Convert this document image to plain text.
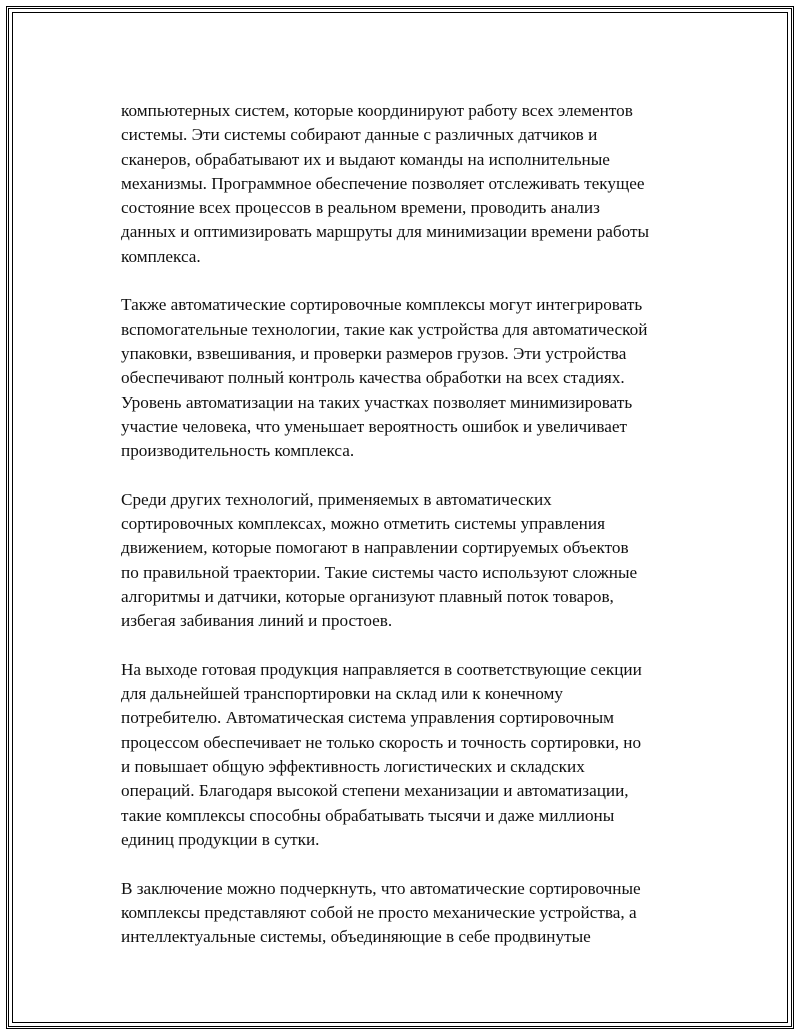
компьютерных систем, которые координируют работу всех элементов
системы. Эти системы собирают данные с различных датчиков и
сканеров, обрабатывают их и выдают команды на исполнительные
механизмы. Программное обеспечение позволяет отслеживать текущее
состояние всех процессов в реальном времени, проводить анализ
данных и оптимизировать маршруты для минимизации времени работы
комплекса.

Также автоматические сортировочные комплексы могут интегрировать
вспомогательные технологии, такие как устройства для автоматической
упаковки, взвешивания, и проверки размеров грузов. Эти устройства
обеспечивают полный контроль качества обработки на всех стадиях.
Уровень автоматизации на таких участках позволяет минимизировать
участие человека, что уменьшает вероятность ошибок и увеличивает
производительность комплекса.

Среди других технологий, применяемых в автоматических
сортировочных комплексах, можно отметить системы управления
движением, которые помогают в направлении сортируемых объектов
по правильной траектории. Такие системы часто используют сложные
алгоритмы и датчики, которые организуют плавный поток товаров,
избегая забивания линий и простоев.

На выходе готовая продукция направляется в соответствующие секции
для дальнейшей транспортировки на склад или к конечному
потребителю. Автоматическая система управления сортировочным
процессом обеспечивает не только скорость и точность сортировки, но
и повышает общую эффективность логистических и складских
операций. Благодаря высокой степени механизации и автоматизации,
такие комплексы способны обрабатывать тысячи и даже миллионы
единиц продукции в сутки.

В заключение можно подчеркнуть, что автоматические сортировочные
комплексы представляют собой не просто механические устройства, а
интеллектуальные системы, объединяющие в себе продвинутые
